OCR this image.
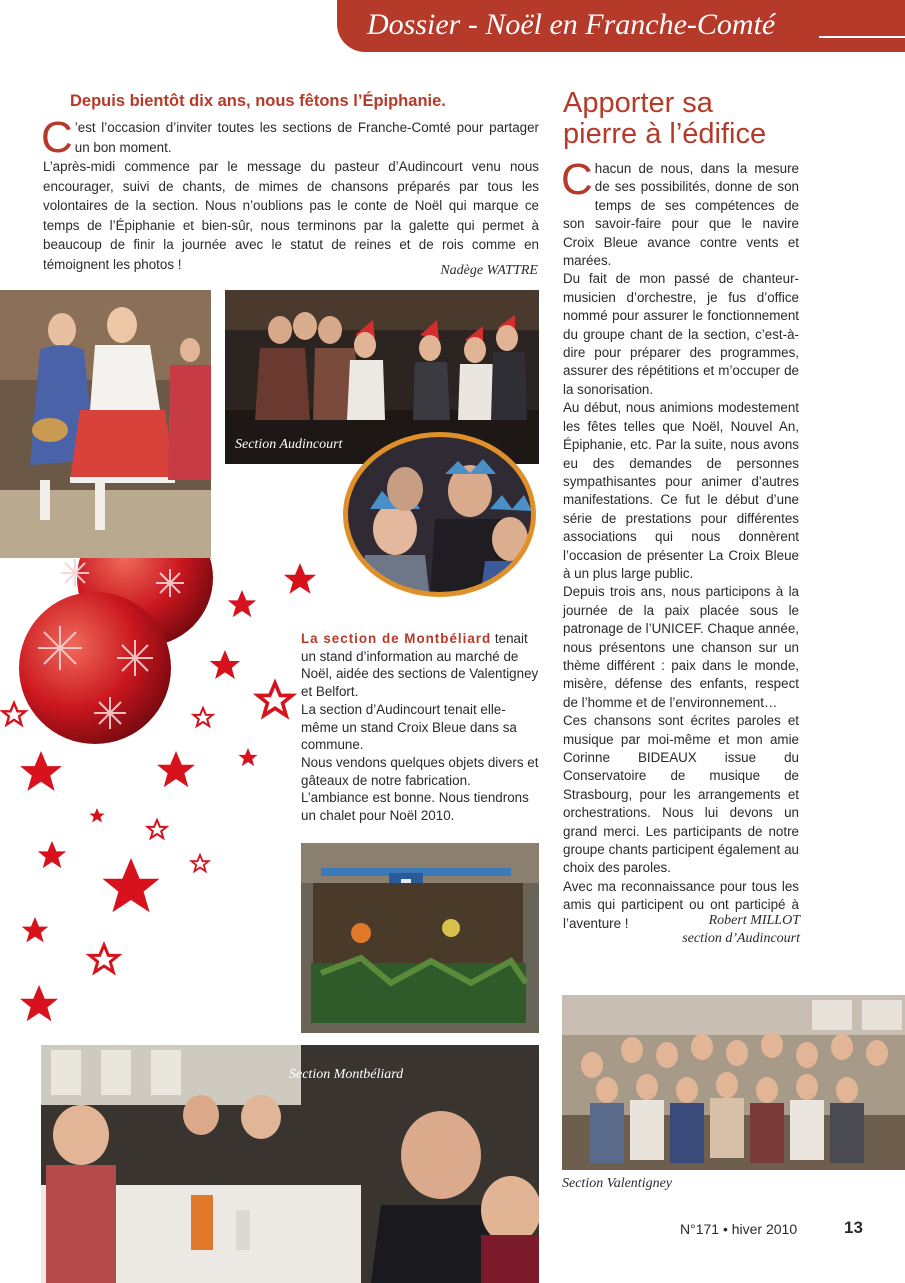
Dossier - Noël en Franche-Comté
Depuis bientôt dix ans, nous fêtons l’Épiphanie.

C ’est l’occasion d’inviter toutes les sections de Franche-Comté pour partager un bon moment.

L’après-midi commence par le message du pasteur d’Audincourt venu nous encourager, suivi de chants, de mimes de chansons préparés par tous les volontaires de la section. Nous n’oublions pas le conte de Noël qui marque ce temps de l’Épiphanie et bien-sûr, nous terminons par la galette qui permet à beaucoup de finir la journée avec le statut de reines et de rois comme en témoignent les photos !	Nadège WATTRE
Section Audincourt

La section de Montbéliard tenait un stand d’information au marché de Noël, aidée des sections de Valentigney et Belfort.

La section d’Audincourt tenait elle-même un stand Croix Bleue dans sa commune.

Nous vendons quelques objets divers et gâteaux de notre fabrication.

L’ambiance est bonne. Nous tiendrons un chalet pour Noël 2010.

Section Montbéliard
Apporter sa
pierre à l’édifice

Chacun de nous, dans la mesure de ses possibilités, donne de son temps de ses compétences de son savoir-faire pour que le navire Croix Bleue avance contre vents et marées.

Du fait de mon passé de chanteur-musicien d’orchestre, je fus d’office nommé pour assurer le fonctionnement du groupe chant de la section, c’est-à-dire pour préparer des programmes, assurer des répétitions et m’occuper de la sonorisation.

Au début, nous animions modestement les fêtes telles que Noël, Nouvel An, Épiphanie, etc. Par la suite, nous avons eu des demandes de personnes sympathisantes pour animer d’autres manifestations. Ce fut le début d’une série de prestations pour différentes associations qui nous donnèrent l’occasion de présenter La Croix Bleue à un plus large public.

Depuis trois ans, nous participons à la journée de la paix placée sous le patronage de l’UNICEF. Chaque année, nous présentons une chanson sur un thème différent : paix dans le monde, misère, défense des enfants, respect de l’homme et de l’environnement…

Ces chansons sont écrites paroles et musique par moi-même et mon amie Corinne BIDEAUX issue du Conservatoire de musique de Strasbourg, pour les arrangements et orchestrations. Nous lui devons un grand merci. Les participants de notre groupe chants participent également au choix des paroles.

Avec ma reconnaissance pour tous les amis qui participent ou ont participé à l’aventure !	Robert MILLOT
section d’Audincourt
Section Valentigney
N°171 • hiver 2010	13
